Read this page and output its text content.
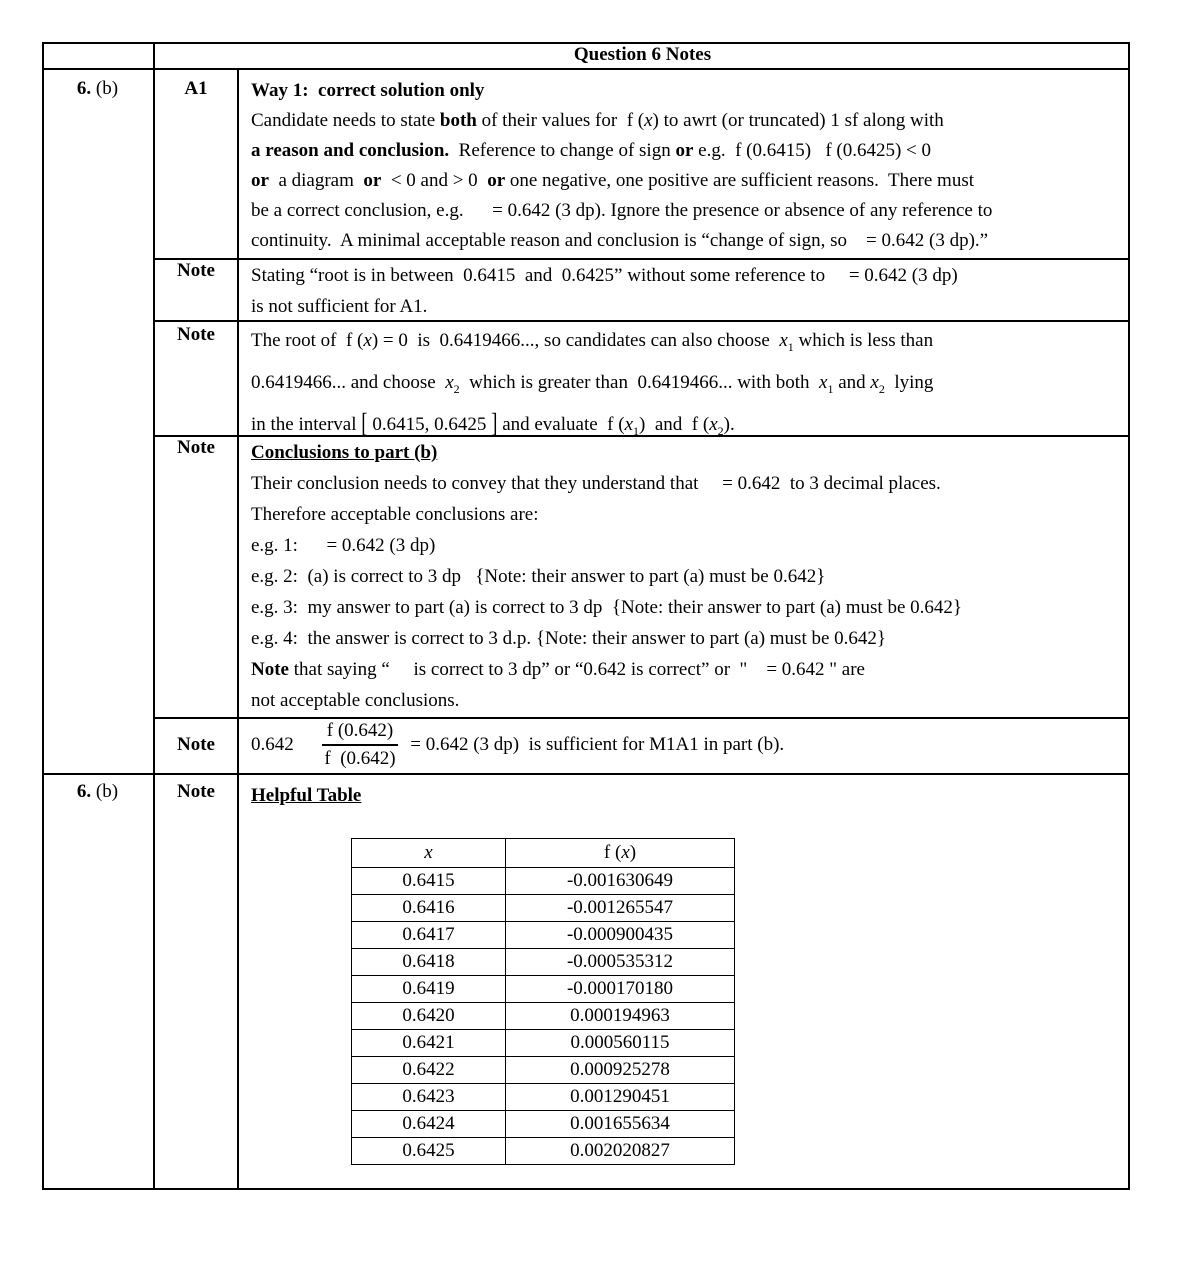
Question 6 Notes
6. (b)	A1	Way 1:  correct solution only
Candidate needs to state both of their values for  f (x) to awrt (or truncated) 1 sf along with
a reason and conclusion.  Reference to change of sign or e.g.  f (0.6415)   f (0.6425) < 0
or  a diagram  or  < 0 and > 0  or one negative, one positive are sufficient reasons.  There must
be a correct conclusion, e.g.      = 0.642 (3 dp). Ignore the presence or absence of any reference to
continuity.  A minimal acceptable reason and conclusion is “change of sign, so    = 0.642 (3 dp).”
Note	Stating “root is in between  0.6415  and  0.6425” without some reference to     = 0.642 (3 dp)
is not sufficient for A1.
Note	The root of  f (x) = 0  is  0.6419466..., so candidates can also choose  $x_1$ which is less than
0.6419466... and choose  $x_2$  which is greater than  0.6419466... with both  $x_1$ and $x_2$  lying
in the interval [ 0.6415, 0.6425 ] and evaluate  f $(x_1)$  and  f $(x_2)$.
Note	Conclusions to part (b)
Their conclusion needs to convey that they understand that     = 0.642  to 3 decimal places.
Therefore acceptable conclusions are:
e.g. 1:      = 0.642 (3 dp)
e.g. 2:  (a) is correct to 3 dp   {Note: their answer to part (a) must be 0.642}
e.g. 3:  my answer to part (a) is correct to 3 dp  {Note: their answer to part (a) must be 0.642}
e.g. 4:  the answer is correct to 3 d.p. {Note: their answer to part (a) must be 0.642}
Note that saying “     is correct to 3 dp” or “0.642 is correct” or  "    = 0.642 " are
not acceptable conclusions.
Note	$0.642 \frac{f (0.642)}{f (0.642)} = 0.642$ (3 dp)  is sufficient for M1A1 in part (b).
6. (b)	Note	Helpful Table
x	f (x)
0.6415	-0.001630649
0.6416	-0.001265547
0.6417	-0.000900435
0.6418	-0.000535312
0.6419	-0.000170180
0.6420	0.000194963
0.6421	0.000560115
0.6422	0.000925278
0.6423	0.001290451
0.6424	0.001655634
0.6425	0.002020827
